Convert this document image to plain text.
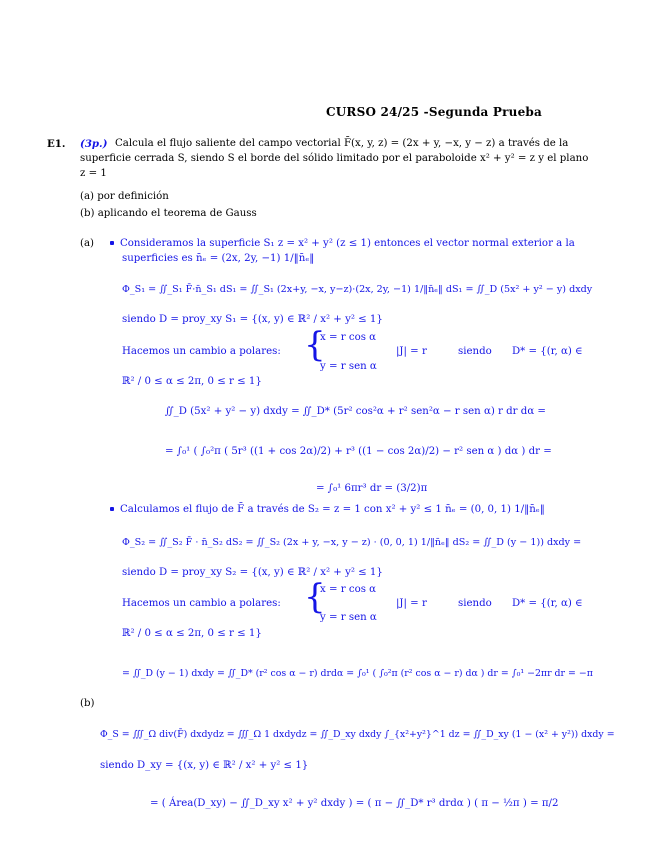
CURSO 24/25 -Segunda Prueba
E1. (3p.) Calcula el flujo saliente del campo vectorial F̄(x, y, z) = (2x + y, −x, y − z) a través de la
superficie cerrada S, siendo S el borde del sólido limitado por el paraboloide x² + y² = z y el plano
z = 1
(a) por definición
(b) aplicando el teorema de Gauss
(a)	Consideramos la superficie S₁ z = x² + y² (z ≤ 1) entonces el vector normal exterior a la
superficies es n̄ₑ = (2x, 2y, −1) 1/‖n̄ₑ‖
Φ_S₁ = ∬_S₁ F̄·n̄_S₁ dS₁ = ∬_S₁ (2x+y, −x, y−z)·(2x, 2y, −1) 1/‖n̄ₑ‖ dS₁ = ∬_D (5x² + y² − y) dxdy
siendo D = proy_xy S₁ = {(x, y) ∈ ℝ² / x² + y² ≤ 1}
Hacemos un cambio a polares: {
x = r cos α
y = r sen α
|J| = r	siendo D* = {(r, α) ∈
ℝ² / 0 ≤ α ≤ 2π, 0 ≤ r ≤ 1}
∬_D (5x² + y² − y) dxdy = ∬_D* (5r² cos²α + r² sen²α − r sen α) r dr dα =
= ∫₀¹ ( ∫₀²π ( 5r³ ((1 + cos 2α)/2) + r³ ((1 − cos 2α)/2) − r² sen α ) dα ) dr =
= ∫₀¹ 6πr³ dr = (3/2)π
Calculamos el flujo de F̄ a través de S₂ = z = 1 con x² + y² ≤ 1 n̄ₑ = (0, 0, 1) 1/‖n̄ₑ‖
Φ_S₂ = ∬_S₂ F̄ · n̄_S₂ dS₂ = ∬_S₂ (2x + y, −x, y − z) · (0, 0, 1) 1/‖n̄ₑ‖ dS₂ = ∬_D (y − 1)) dxdy =
siendo D = proy_xy S₂ = {(x, y) ∈ ℝ² / x² + y² ≤ 1}
Hacemos un cambio a polares: {
x = r cos α
y = r sen α
|J| = r	siendo D* = {(r, α) ∈
ℝ² / 0 ≤ α ≤ 2π, 0 ≤ r ≤ 1}
= ∬_D (y − 1) dxdy = ∬_D* (r² cos α − r) drdα = ∫₀¹ ( ∫₀²π (r² cos α − r) dα ) dr = ∫₀¹ −2πr dr = −π
(b)
Φ_S = ∭_Ω div(F̄) dxdydz = ∭_Ω 1 dxdydz = ∬_D_xy dxdy ∫_{x²+y²}^1 dz = ∬_D_xy (1 − (x² + y²)) dxdy =
siendo D_xy = {(x, y) ∈ ℝ² / x² + y² ≤ 1}
= ( Área(D_xy) − ∬_D_xy x² + y² dxdy ) = ( π − ∬_D* r³ drdα ) ( π − ½π ) = π/2
